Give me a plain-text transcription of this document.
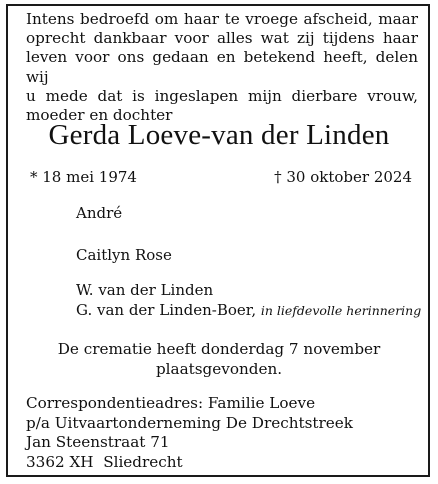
Intens bedroefd om haar te vroege afscheid, maar
oprecht dankbaar voor alles wat zij tijdens haar
leven voor ons gedaan en betekend heeft, delen wij
u mede dat is ingeslapen mijn dierbare vrouw,
moeder en dochter
Gerda Loeve-van der Linden
* 18 mei 1974	† 30 oktober 2024
André
Caitlyn Rose
W. van der Linden
G. van der Linden-Boer, in liefdevolle herinnering
De crematie heeft donderdag 7 november
plaatsgevonden.
Correspondentieadres: Familie Loeve
p/a Uitvaartonderneming De Drechtstreek
Jan Steenstraat 71
3362 XH  Sliedrecht
